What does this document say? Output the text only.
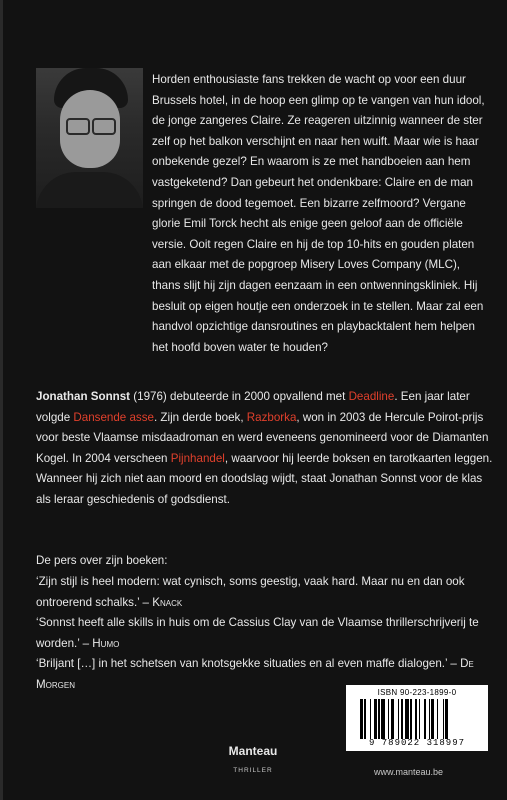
Horden enthousiaste fans trekken de wacht op voor een duur Brussels hotel, in de hoop een glimp op te vangen van hun idool, de jonge zangeres Claire. Ze reageren uitzinnig wanneer de ster zelf op het balkon verschijnt en naar hen wuift. Maar wie is haar onbekende gezel? En waarom is ze met handboeien aan hem vastgeketend? Dan gebeurt het ondenkbare: Claire en de man springen de dood tegemoet. Een bizarre zelfmoord? Vergane glorie Emil Torck hecht als enige geen geloof aan de officiële versie. Ooit regen Claire en hij de top 10-hits en gouden platen aan elkaar met de popgroep Misery Loves Company (MLC), thans slijt hij zijn dagen eenzaam in een ontwenningskliniek. Hij besluit op eigen houtje een onderzoek in te stellen. Maar zal een handvol opzichtige dansroutines en playbacktalent hem helpen het hoofd boven water te houden?

Jonathan Sonnst (1976) debuteerde in 2000 opvallend met Deadline. Een jaar later volgde Dansende asse. Zijn derde boek, Razborka, won in 2003 de Hercule Poirot-prijs voor beste Vlaamse misdaadroman en werd eveneens genomineerd voor de Diamanten Kogel. In 2004 verscheen Pijnhandel, waarvoor hij leerde boksen en tarotkaarten leggen. Wanneer hij zich niet aan moord en doodslag wijdt, staat Jonathan Sonnst voor de klas als leraar geschiedenis of godsdienst.

De pers over zijn boeken:

‘Zijn stijl is heel modern: wat cynisch, soms geestig, vaak hard. Maar nu en dan ook ontroerend schalks.’ – Knack

‘Sonnst heeft alle skills in huis om de Cassius Clay van de Vlaamse thrillerschrijverij te worden.’ – Humo

‘Briljant […] in het schetsen van knotsgekke situaties en al even maffe dialogen.’ – De Morgen

ISBN 90-223-1899-0
9 789022 318997

Manteau

THRILLER	www.manteau.be
